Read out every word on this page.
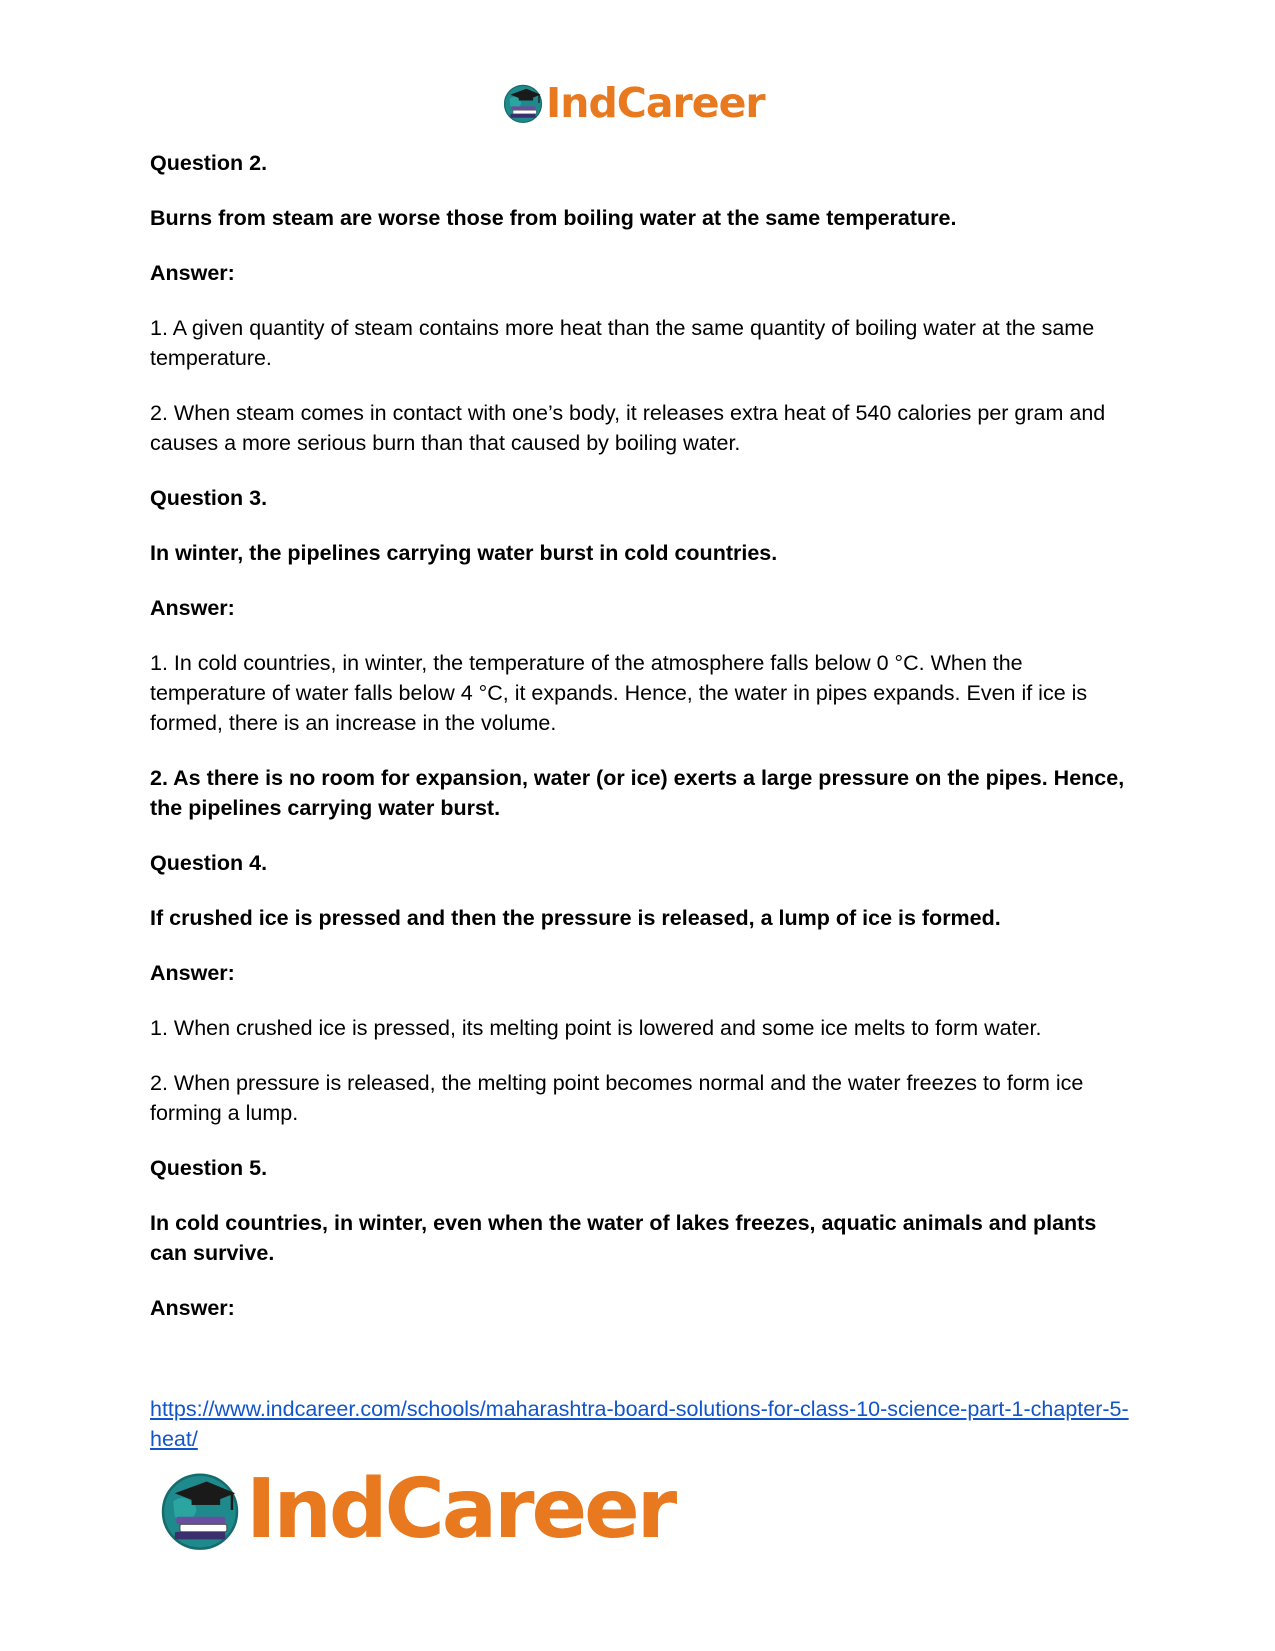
IndCareer

Question 2.

Burns from steam are worse those from boiling water at the same temperature.

Answer:

1. A given quantity of steam contains more heat than the same quantity of boiling water at the same temperature.

2. When steam comes in contact with one’s body, it releases extra heat of 540 calories per gram and causes a more serious burn than that caused by boiling water.

Question 3.

In winter, the pipelines carrying water burst in cold countries.

Answer:

1. In cold countries, in winter, the temperature of the atmosphere falls below 0 °C. When the temperature of water falls below 4 °C, it expands. Hence, the water in pipes expands. Even if ice is formed, there is an increase in the volume.

2. As there is no room for expansion, water (or ice) exerts a large pressure on the pipes. Hence, the pipelines carrying water burst.

Question 4.

If crushed ice is pressed and then the pressure is released, a lump of ice is formed.

Answer:

1. When crushed ice is pressed, its melting point is lowered and some ice melts to form water.

2. When pressure is released, the melting point becomes normal and the water freezes to form ice forming a lump.

Question 5.

In cold countries, in winter, even when the water of lakes freezes, aquatic animals and plants can survive.

Answer:

https://www.indcareer.com/schools/maharashtra-board-solutions-for-class-10-science-part-1-chapter-5-heat/
IndCareer
